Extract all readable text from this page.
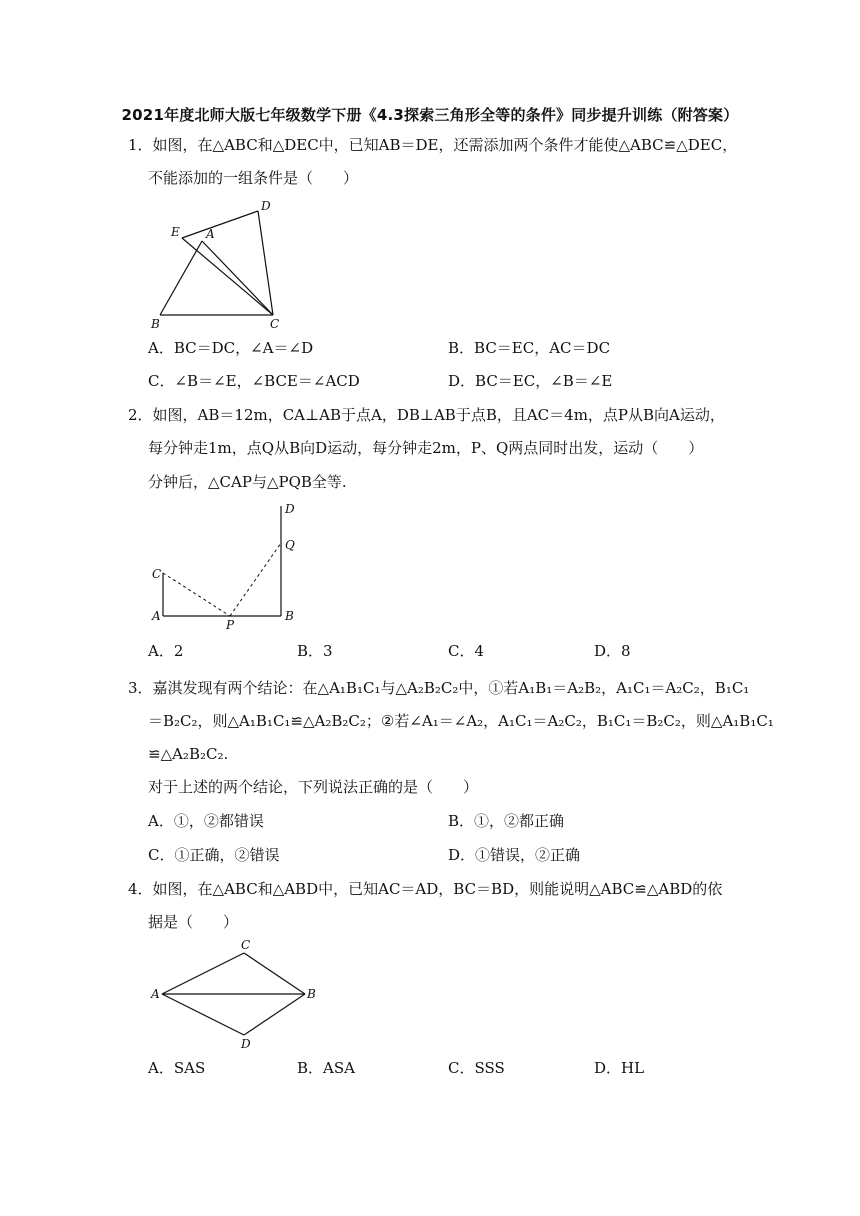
2021年度北师大版七年级数学下册《4.3探索三角形全等的条件》同步提升训练（附答案）
1．如图，在△ABC和△DEC中，已知AB＝DE，还需添加两个条件才能使△ABC≌△DEC，
不能添加的一组条件是（　　）
D
E A
B	C
A．BC＝DC，∠A＝∠D	B．BC＝EC，AC＝DC
C．∠B＝∠E，∠BCE＝∠ACD	D．BC＝EC，∠B＝∠E
2．如图，AB＝12m，CA⊥AB于点A，DB⊥AB于点B，且AC＝4m，点P从B向A运动，
每分钟走1m，点Q从B向D运动，每分钟走2m，P、Q两点同时出发，运动（　　）
分钟后，△CAP与△PQB全等.
D
Q
C
A
P
B
A．2	B．3	C．4	D．8
3．嘉淇发现有两个结论：在△A₁B₁C₁与△A₂B₂C₂中，①若A₁B₁＝A₂B₂，A₁C₁＝A₂C₂，B₁C₁
＝B₂C₂，则△A₁B₁C₁≌△A₂B₂C₂；②若∠A₁＝∠A₂，A₁C₁＝A₂C₂，B₁C₁＝B₂C₂，则△A₁B₁C₁
≌△A₂B₂C₂.
对于上述的两个结论，下列说法正确的是（　　）
A．①，②都错误	B．①，②都正确
C．①正确，②错误	D．①错误，②正确
4．如图，在△ABC和△ABD中，已知AC＝AD，BC＝BD，则能说明△ABC≌△ABD的依
据是（　　）
C
A	B
D
A．SAS	B．ASA	C．SSS	D．HL
